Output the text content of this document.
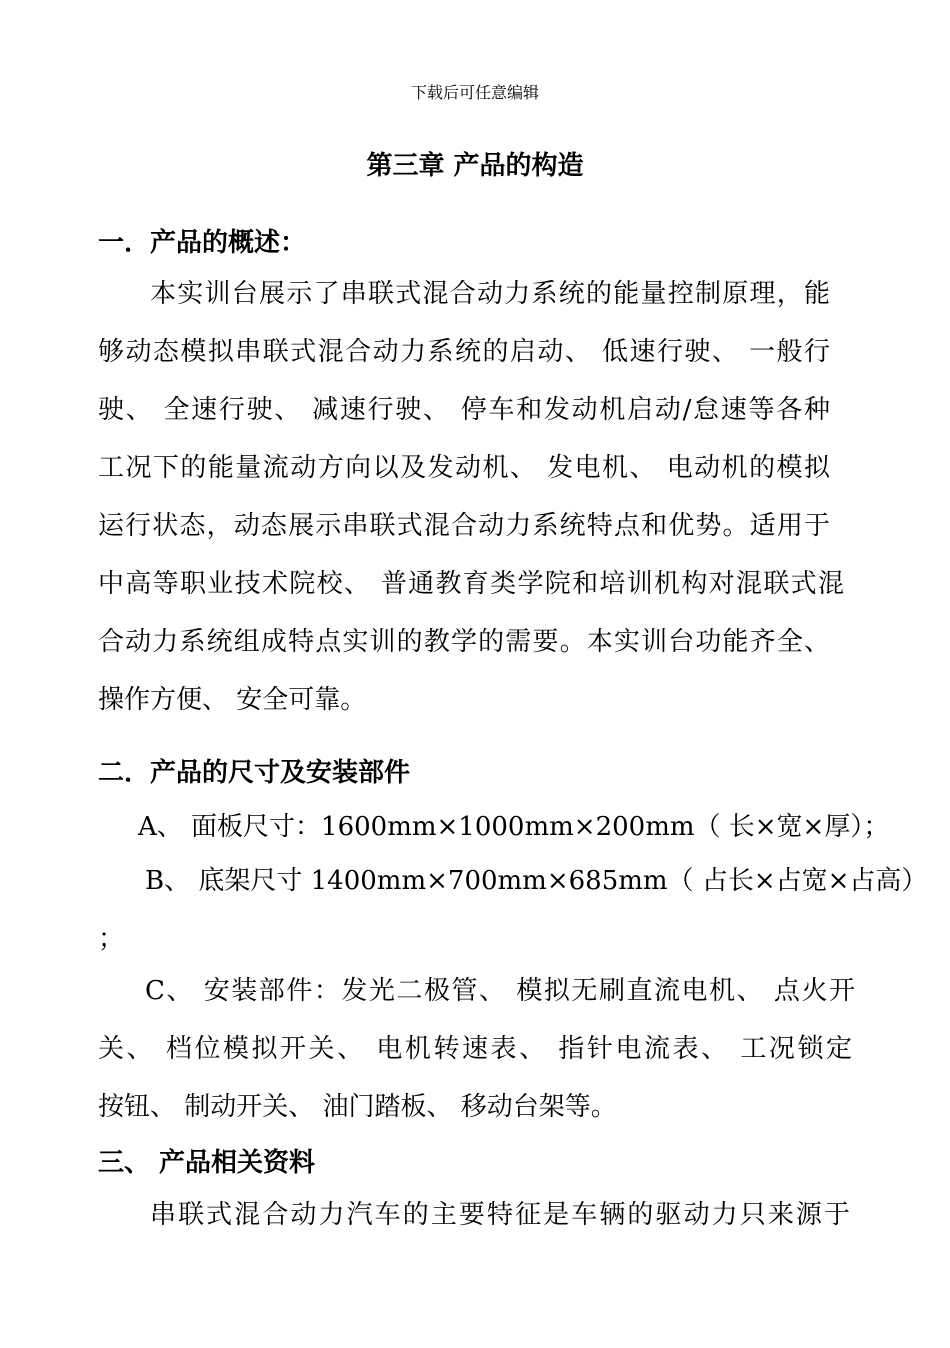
下载后可任意编辑
第三章 产品的构造
一．产品的概述：
本实训台展示了串联式混合动力系统的能量控制原理，能
够动态模拟串联式混合动力系统的启动、 低速行驶、 一般行
驶、 全速行驶、 减速行驶、 停车和发动机启动/怠速等各种
工况下的能量流动方向以及发动机、 发电机、 电动机的模拟
运行状态，动态展示串联式混合动力系统特点和优势。适用于
中高等职业技术院校、 普通教育类学院和培训机构对混联式混
合动力系统组成特点实训的教学的需要。本实训台功能齐全、
操作方便、 安全可靠。
二．产品的尺寸及安装部件
A、 面板尺寸：1600mm×1000mm×200mm（ 长×宽×厚）；
B、 底架尺寸 1400mm×700mm×685mm（ 占长×占宽×占高）
；
C、 安装部件：发光二极管、 模拟无刷直流电机、 点火开
关、 档位模拟开关、 电机转速表、 指针电流表、 工况锁定
按钮、 制动开关、 油门踏板、 移动台架等。
三、 产品相关资料
串联式混合动力汽车的主要特征是车辆的驱动力只来源于
